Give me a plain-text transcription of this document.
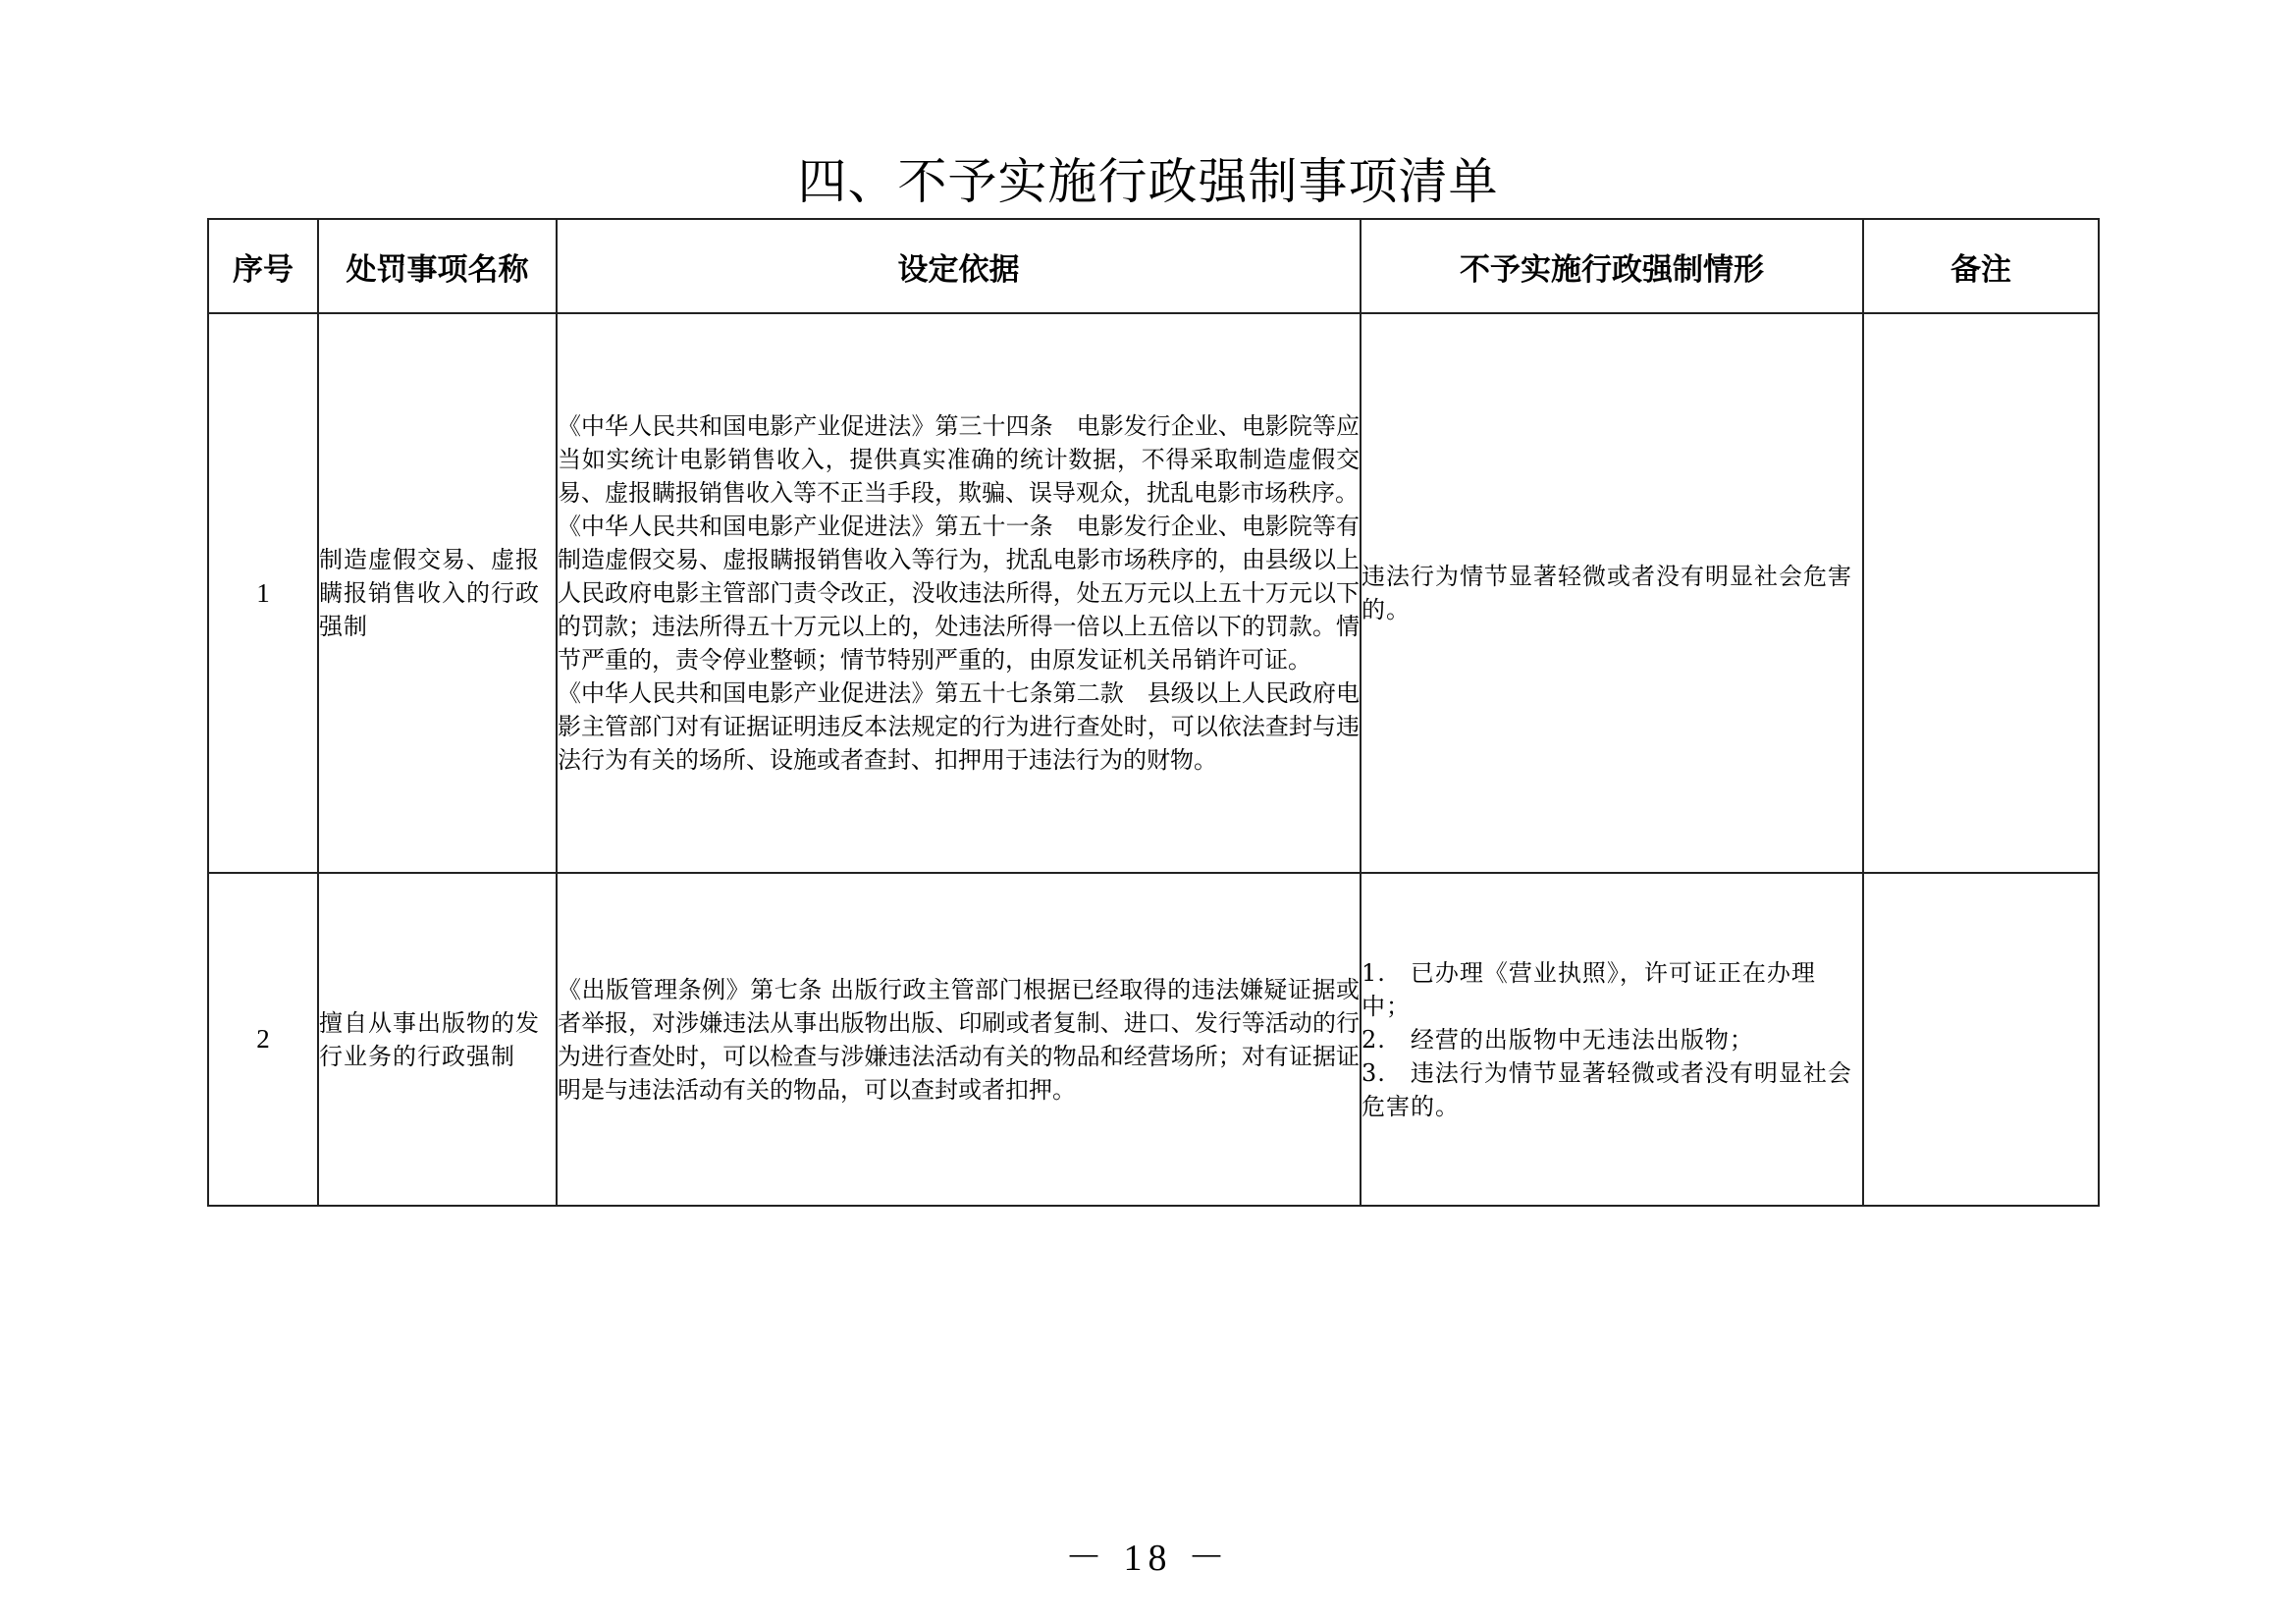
四、不予实施行政强制事项清单
序号	处罚事项名称	设定依据	不予实施行政强制情形	备注
1	制造虚假交易、虚报瞒报销售收入的行政强制	《中华人民共和国电影产业促进法》第三十四条　电影发行企业、电影院等应当如实统计电影销售收入，提供真实准确的统计数据，不得采取制造虚假交易、虚报瞒报销售收入等不正当手段，欺骗、误导观众，扰乱电影市场秩序。

《中华人民共和国电影产业促进法》第五十一条　电影发行企业、电影院等有制造虚假交易、虚报瞒报销售收入等行为，扰乱电影市场秩序的，由县级以上人民政府电影主管部门责令改正，没收违法所得，处五万元以上五十万元以下的罚款；违法所得五十万元以上的，处违法所得一倍以上五倍以下的罚款。情节严重的，责令停业整顿；情节特别严重的，由原发证机关吊销许可证。

《中华人民共和国电影产业促进法》第五十七条第二款　县级以上人民政府电影主管部门对有证据证明违反本法规定的行为进行查处时，可以依法查封与违法行为有关的场所、设施或者查封、扣押用于违法行为的财物。	违法行为情节显著轻微或者没有明显社会危害的。	

2	擅自从事出版物的发行业务的行政强制	《出版管理条例》第七条 出版行政主管部门根据已经取得的违法嫌疑证据或者举报，对涉嫌违法从事出版物出版、印刷或者复制、进口、发行等活动的行为进行查处时，可以检查与涉嫌违法活动有关的物品和经营场所；对有证据证明是与违法活动有关的物品，可以查封或者扣押。	1.　已办理《营业执照》，许可证正在办理中；
2.　经营的出版物中无违法出版物；
3.　违法行为情节显著轻微或者没有明显社会危害的。	

－ 18 －
